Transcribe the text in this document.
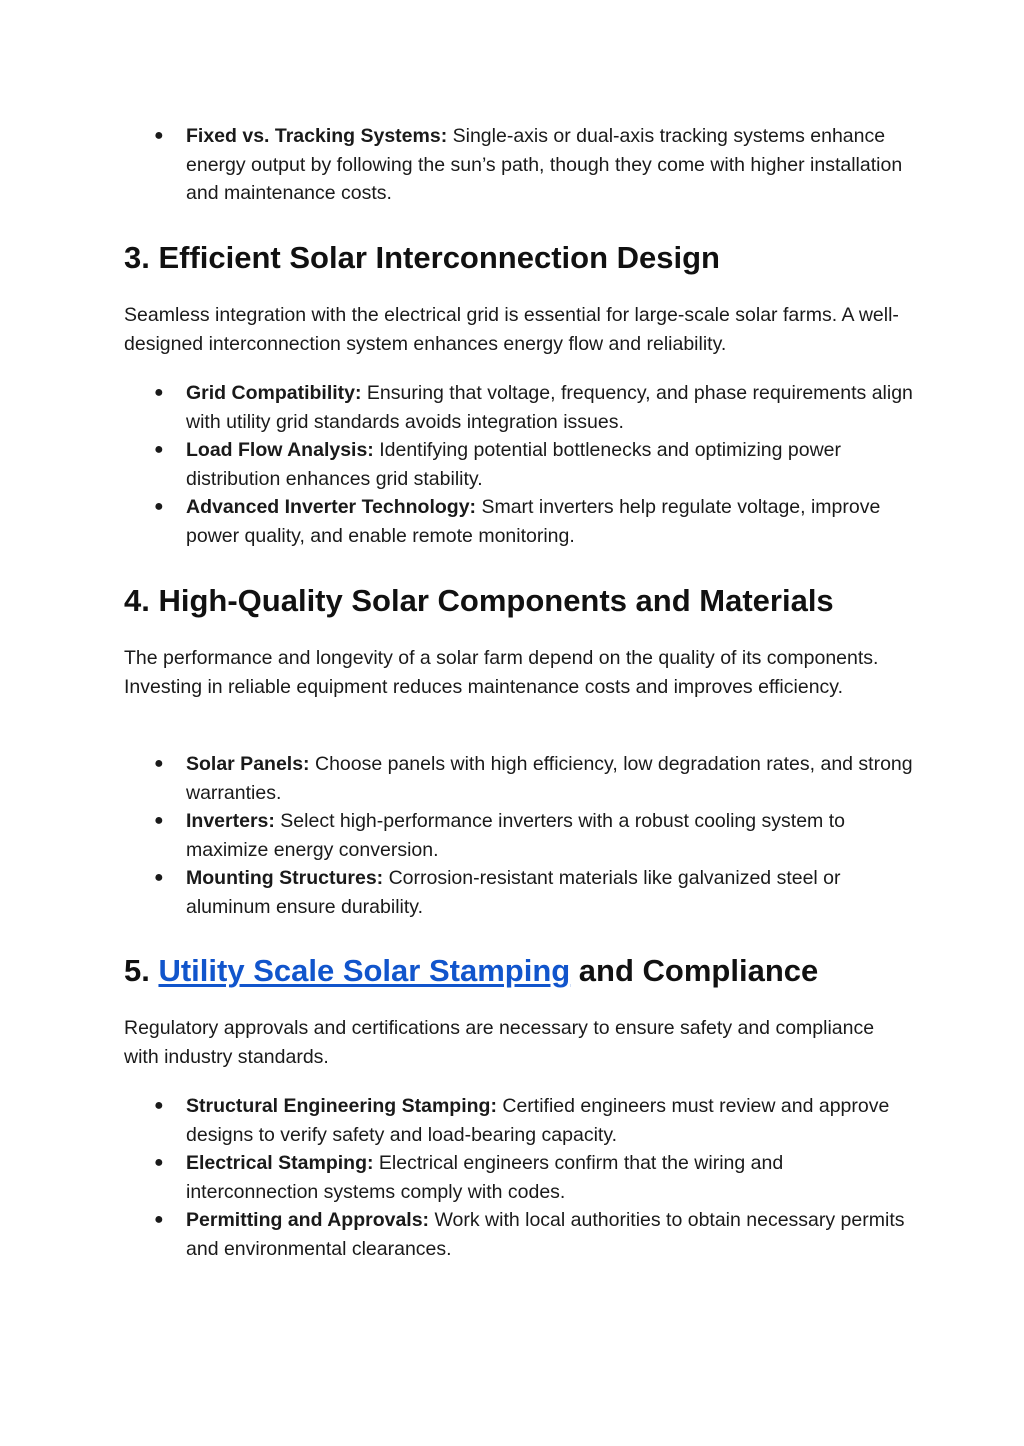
● Fixed vs. Tracking Systems: Single-axis or dual-axis tracking systems enhance energy output by following the sun’s path, though they come with higher installation and maintenance costs.
3. Efficient Solar Interconnection Design

Seamless integration with the electrical grid is essential for large-scale solar farms. A well-designed interconnection system enhances energy flow and reliability.

● Grid Compatibility: Ensuring that voltage, frequency, and phase requirements align with utility grid standards avoids integration issues.
● Load Flow Analysis: Identifying potential bottlenecks and optimizing power distribution enhances grid stability.
● Advanced Inverter Technology: Smart inverters help regulate voltage, improve power quality, and enable remote monitoring.
4. High-Quality Solar Components and Materials

The performance and longevity of a solar farm depend on the quality of its components. Investing in reliable equipment reduces maintenance costs and improves efficiency.

● Solar Panels: Choose panels with high efficiency, low degradation rates, and strong warranties.
● Inverters: Select high-performance inverters with a robust cooling system to maximize energy conversion.
● Mounting Structures: Corrosion-resistant materials like galvanized steel or aluminum ensure durability.
5. Utility Scale Solar Stamping and Compliance

Regulatory approvals and certifications are necessary to ensure safety and compliance with industry standards.

● Structural Engineering Stamping: Certified engineers must review and approve designs to verify safety and load-bearing capacity.
● Electrical Stamping: Electrical engineers confirm that the wiring and interconnection systems comply with codes.
● Permitting and Approvals: Work with local authorities to obtain necessary permits and environmental clearances.
